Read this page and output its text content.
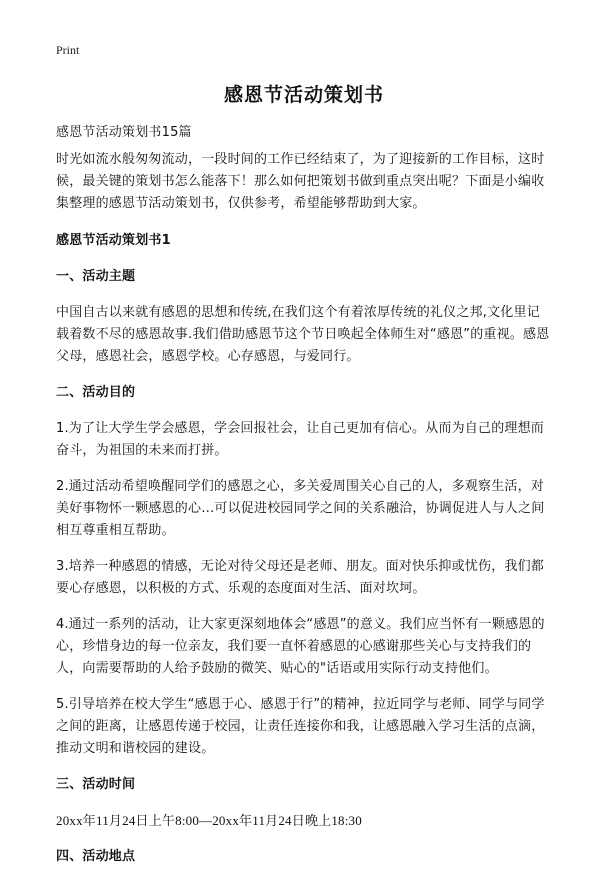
Print
感恩节活动策划书

感恩节活动策划书15篇

时光如流水般匆匆流动，一段时间的工作已经结束了，为了迎接新的工作目标，这时候，最关键的策划书怎么能落下！那么如何把策划书做到重点突出呢？下面是小编收集整理的感恩节活动策划书，仅供参考，希望能够帮助到大家。

感恩节活动策划书1

一、活动主题

中国自古以来就有感恩的思想和传统,在我们这个有着浓厚传统的礼仪之邦,文化里记载着数不尽的感恩故事.我们借助感恩节这个节日唤起全体师生对“感恩”的重视。感恩父母，感恩社会，感恩学校。心存感恩，与爱同行。

二、活动目的

1.为了让大学生学会感恩，学会回报社会，让自己更加有信心。从而为自己的理想而奋斗，为祖国的未来而打拼。

2.通过活动希望唤醒同学们的感恩之心，多关爱周围关心自己的人，多观察生活，对美好事物怀一颗感恩的心…可以促进校园同学之间的关系融洽，协调促进人与人之间相互尊重相互帮助。

3.培养一种感恩的情感，无论对待父母还是老师、朋友。面对快乐抑或忧伤，我们都要心存感恩，以积极的方式、乐观的态度面对生活、面对坎坷。

4.通过一系列的活动，让大家更深刻地体会“感恩”的意义。我们应当怀有一颗感恩的心，珍惜身边的每一位亲友，我们要一直怀着感恩的心感谢那些关心与支持我们的人，向需要帮助的人给予鼓励的微笑、贴心的"话语或用实际行动支持他们。

5.引导培养在校大学生“感恩于心、感恩于行”的精神，拉近同学与老师、同学与同学之间的距离，让感恩传递于校园，让责任连接你和我，让感恩融入学习生活的点滴，推动文明和谐校园的建设。

三、活动时间

20xx年11月24日上午8:00—20xx年11月24日晚上18:30

四、活动地点
